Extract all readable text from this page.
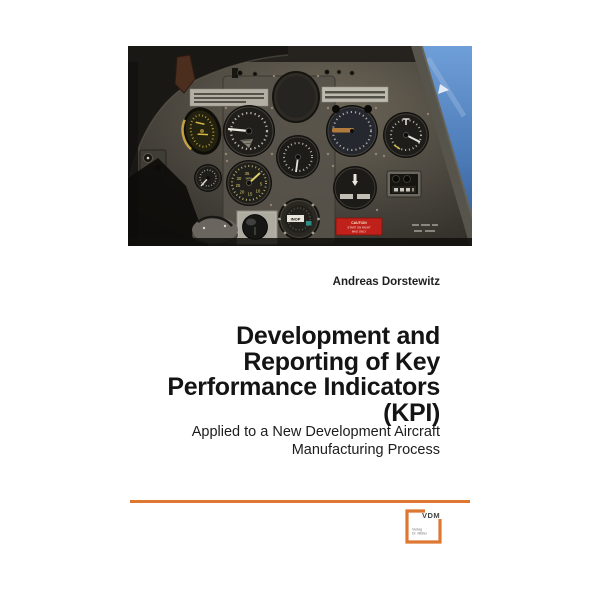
35
30
25
20 15
10
5
MPH
INOP
CAUTION
START ON RIGHT
MAG ONLY
Andreas Dorstewitz
Development and
Reporting of Key
Performance Indicators
(KPI)
Applied to a New Development Aircraft
Manufacturing Process
VDM
Verlag
Dr. Müller
